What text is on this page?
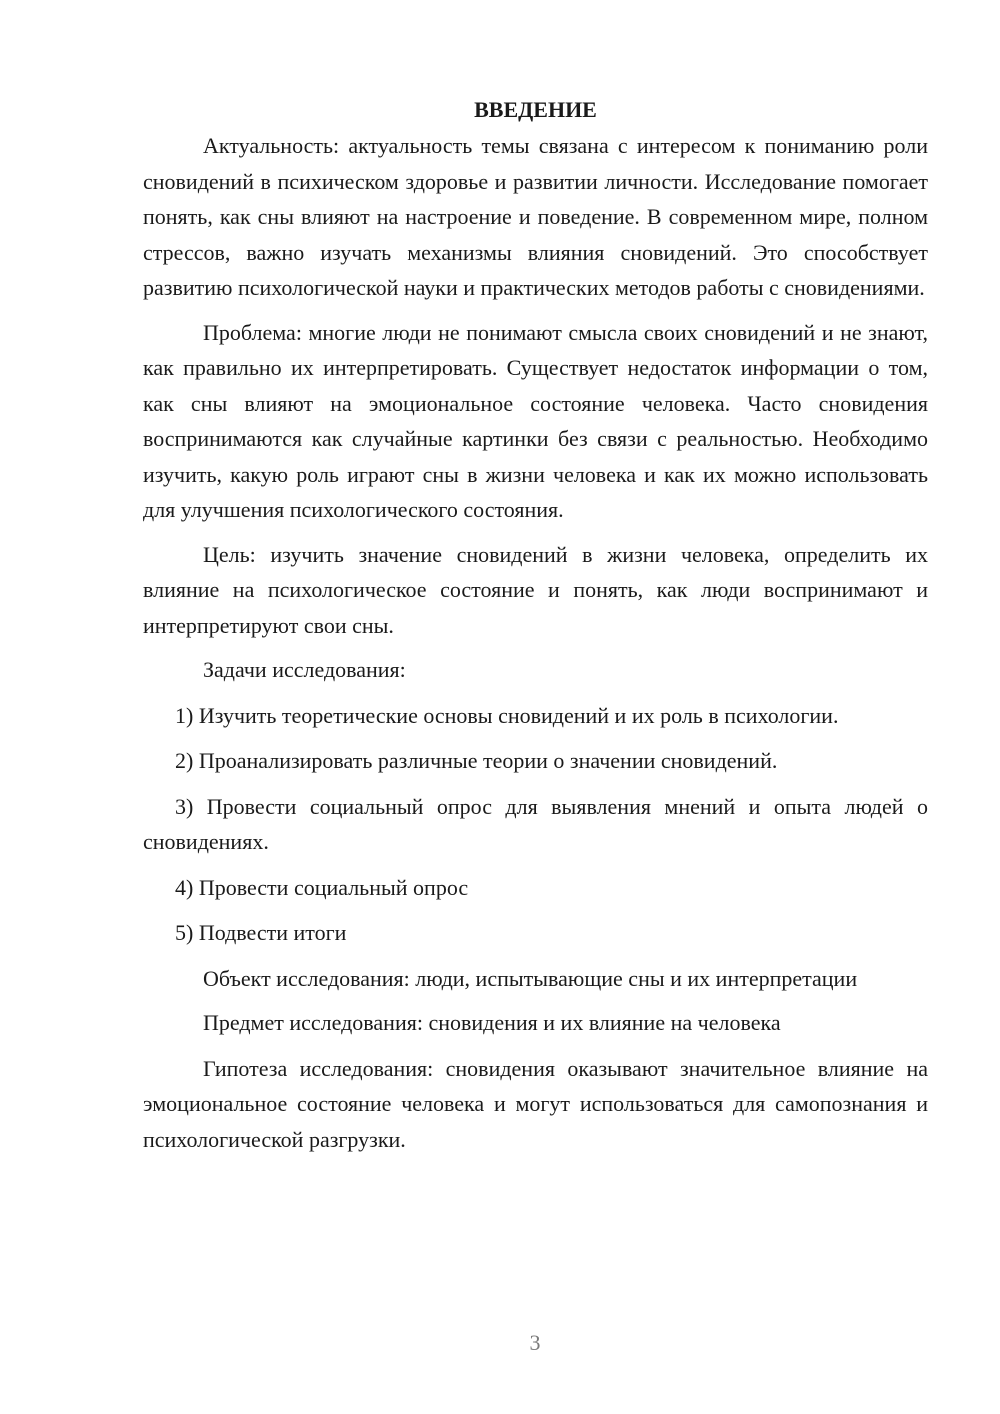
ВВЕДЕНИЕ

Актуальность: актуальность темы связана с интересом к пониманию роли сновидений в психическом здоровье и развитии личности. Исследование помогает понять, как сны влияют на настроение и поведение. В современном мире, полном стрессов, важно изучать механизмы влияния сновидений. Это способствует развитию психологической науки и практических методов работы с сновидениями.

Проблема: многие люди не понимают смысла своих сновидений и не знают, как правильно их интерпретировать. Существует недостаток информации о том, как сны влияют на эмоциональное состояние человека. Часто сновидения воспринимаются как случайные картинки без связи с реальностью. Необходимо изучить, какую роль играют сны в жизни человека и как их можно использовать для улучшения психологического состояния.

Цель: изучить значение сновидений в жизни человека, определить их влияние на психологическое состояние и понять, как люди воспринимают и интерпретируют свои сны.

Задачи исследования:

1) Изучить теоретические основы сновидений и их роль в психологии.

2) Проанализировать различные теории о значении сновидений.

3) Провести социальный опрос для выявления мнений и опыта людей о сновидениях.

4) Провести социальный опрос

5) Подвести итоги

Объект исследования: люди, испытывающие сны и их интерпретации

Предмет исследования: сновидения и их влияние на человека

Гипотеза исследования: сновидения оказывают значительное влияние на эмоциональное состояние человека и могут использоваться для самопознания и психологической разгрузки.

3
